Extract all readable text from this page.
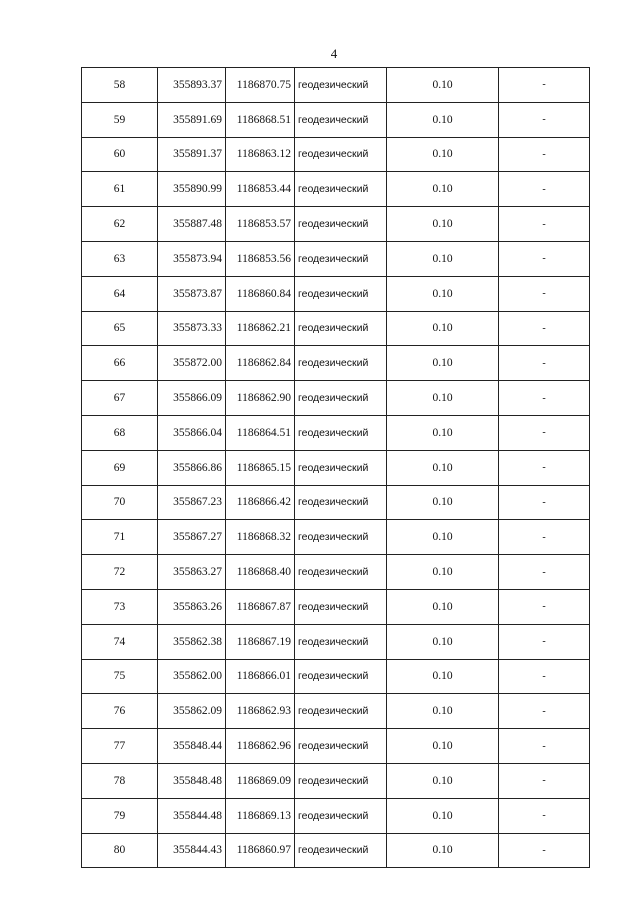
4
58	355893.37	1186870.75	геодезический	0.10	-
59	355891.69	1186868.51	геодезический	0.10	-
60	355891.37	1186863.12	геодезический	0.10	-
61	355890.99	1186853.44	геодезический	0.10	-
62	355887.48	1186853.57	геодезический	0.10	-
63	355873.94	1186853.56	геодезический	0.10	-
64	355873.87	1186860.84	геодезический	0.10	-
65	355873.33	1186862.21	геодезический	0.10	-
66	355872.00	1186862.84	геодезический	0.10	-
67	355866.09	1186862.90	геодезический	0.10	-
68	355866.04	1186864.51	геодезический	0.10	-
69	355866.86	1186865.15	геодезический	0.10	-
70	355867.23	1186866.42	геодезический	0.10	-
71	355867.27	1186868.32	геодезический	0.10	-
72	355863.27	1186868.40	геодезический	0.10	-
73	355863.26	1186867.87	геодезический	0.10	-
74	355862.38	1186867.19	геодезический	0.10	-
75	355862.00	1186866.01	геодезический	0.10	-
76	355862.09	1186862.93	геодезический	0.10	-
77	355848.44	1186862.96	геодезический	0.10	-
78	355848.48	1186869.09	геодезический	0.10	-
79	355844.48	1186869.13	геодезический	0.10	-
80	355844.43	1186860.97	геодезический	0.10	-
